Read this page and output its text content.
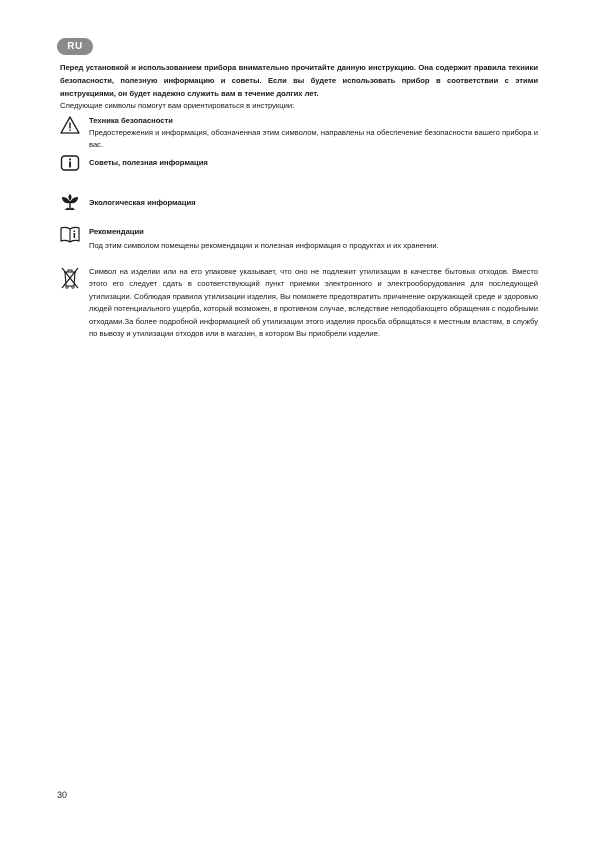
RU

Перед установкой и использованием прибора внимательно прочитайте данную инструкцию. Она содержит правила техники безопасности, полезную информацию и советы. Если вы будете использовать прибор в соответствии с этими инструкциями, он будет надежно служить вам в течение долгих лет.

Следующие символы помогут вам ориентироваться в инструкции:

Техника безопасности

Предостережения и информация, обозначенная этим символом, направлены на обеспечение безопасности вашего прибора и вас.

Советы, полезная информация

Экологическая информация

Рекомендации

Под этим символом помещены рекомендации и полезная информация о продуктах и их хранении.

Символ на изделии или на его упаковке указывает, что оно не подлежит утилизации в качестве бытовых отходов. Вместо этого его следует сдать в соответствующий пункт приемки электронного и электрооборудования для последующей утилизации. Соблюдая правила утилизации изделия, Вы поможете предотвратить причинение окружающей среде и здоровью людей потенциального ущерба, который возможен, в противном случае, вследствие неподобающего обращения с подобными отходами.За более подробной информацией об утилизации этого изделия просьба обращаться к местным властям, в службу по вывозу и утилизации отходов или в магазин, в котором Вы приобрели изделие.

30
